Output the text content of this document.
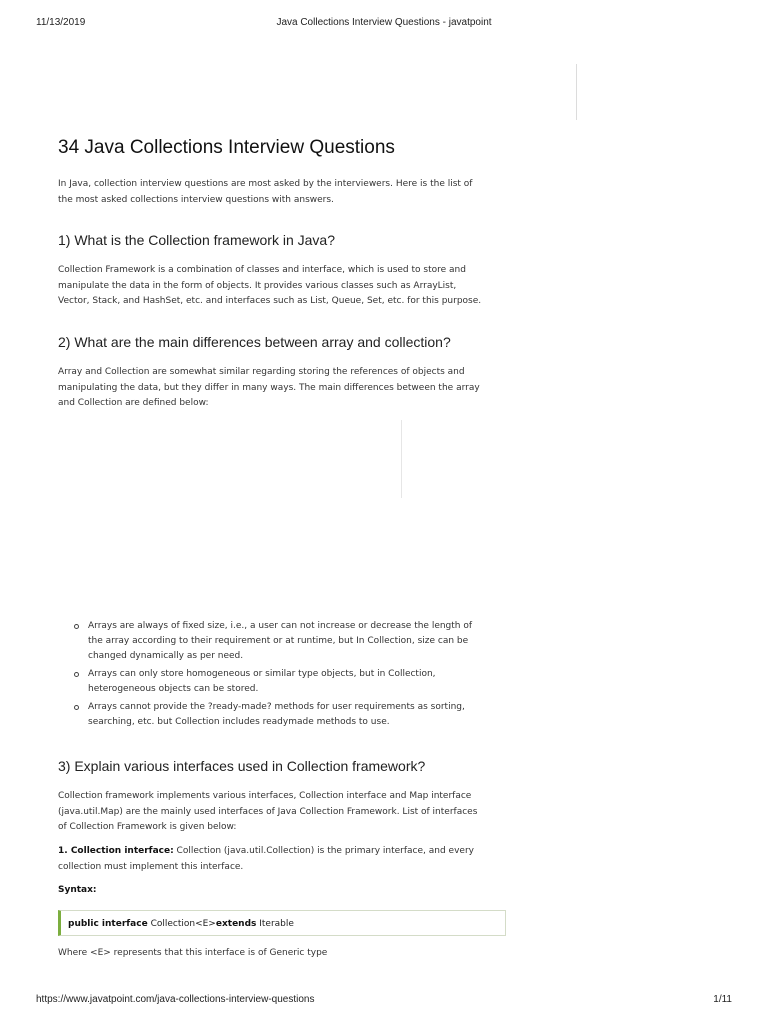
11/13/2019	Java Collections Interview Questions - javatpoint
34 Java Collections Interview Questions

In Java, collection interview questions are most asked by the interviewers. Here is the list of
the most asked collections interview questions with answers.

1) What is the Collection framework in Java?

Collection Framework is a combination of classes and interface, which is used to store and
manipulate the data in the form of objects. It provides various classes such as ArrayList,
Vector, Stack, and HashSet, etc. and interfaces such as List, Queue, Set, etc. for this purpose.

2) What are the main differences between array and collection?

Array and Collection are somewhat similar regarding storing the references of objects and
manipulating the data, but they differ in many ways. The main differences between the array
and Collection are defined below:

Arrays are always of fixed size, i.e., a user can not increase or decrease the length of
the array according to their requirement or at runtime, but In Collection, size can be
changed dynamically as per need.
Arrays can only store homogeneous or similar type objects, but in Collection,
heterogeneous objects can be stored.
Arrays cannot provide the ?ready-made? methods for user requirements as sorting,
searching, etc. but Collection includes readymade methods to use.
3) Explain various interfaces used in Collection framework?

Collection framework implements various interfaces, Collection interface and Map interface
(java.util.Map) are the mainly used interfaces of Java Collection Framework. List of interfaces
of Collection Framework is given below:

1. Collection interface: Collection (java.util.Collection) is the primary interface, and every
collection must implement this interface.

Syntax:
public interface Collection<E>extends Iterable

Where <E> represents that this interface is of Generic type

https://www.javatpoint.com/java-collections-interview-questions	1/11
